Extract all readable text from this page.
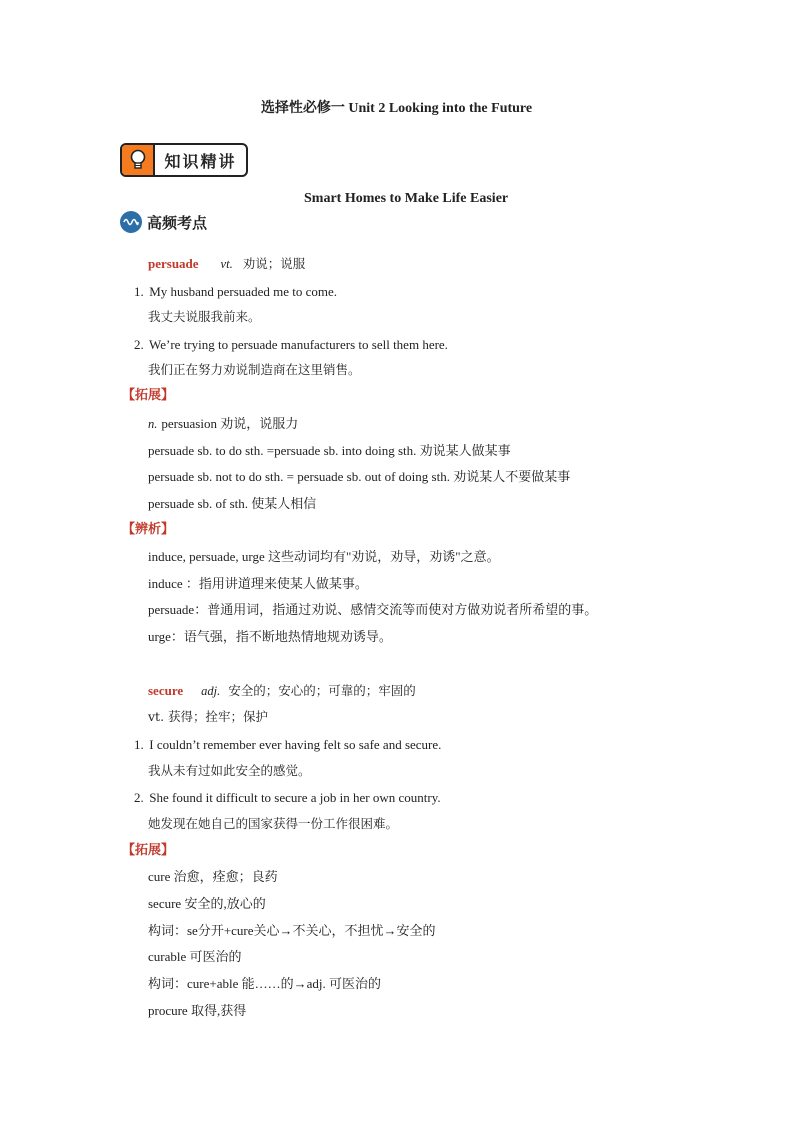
选择性必修一 Unit 2 Looking into the Future
知识精讲
Smart Homes to Make Life Easier
高频考点
persuade vt. 劝说；说服
1. My husband persuaded me to come.
我丈夫说服我前来。
2. We’re trying to persuade manufacturers to sell them here.
我们正在努力劝说制造商在这里销售。
【拓展】
n. persuasion 劝说，说服力
persuade sb. to do sth. =persuade sb. into doing sth. 劝说某人做某事
persuade sb. not to do sth. = persuade sb. out of doing sth. 劝说某人不要做某事
persuade sb. of sth. 使某人相信
【辨析】
induce, persuade, urge 这些动词均有"劝说，劝导，劝诱"之意。
induce ：指用讲道理来使某人做某事。
persuade：普通用词，指通过劝说、感情交流等而使对方做劝说者所希望的事。
urge：语气强，指不断地热情地规劝诱导。
secure adj. 安全的；安心的；可靠的；牢固的
vt. 获得；拴牢；保护
1. I couldn’t remember ever having felt so safe and secure.
我从未有过如此安全的感觉。
2. She found it difficult to secure a job in her own country.
她发现在她自己的国家获得一份工作很困难。
【拓展】
cure 治愈，痊愈；良药
secure 安全的,放心的
构词：se分开+cure关心→不关心，不担忧→安全的
curable 可医治的
构词：cure+able 能……的→adj. 可医治的
procure 取得,获得
